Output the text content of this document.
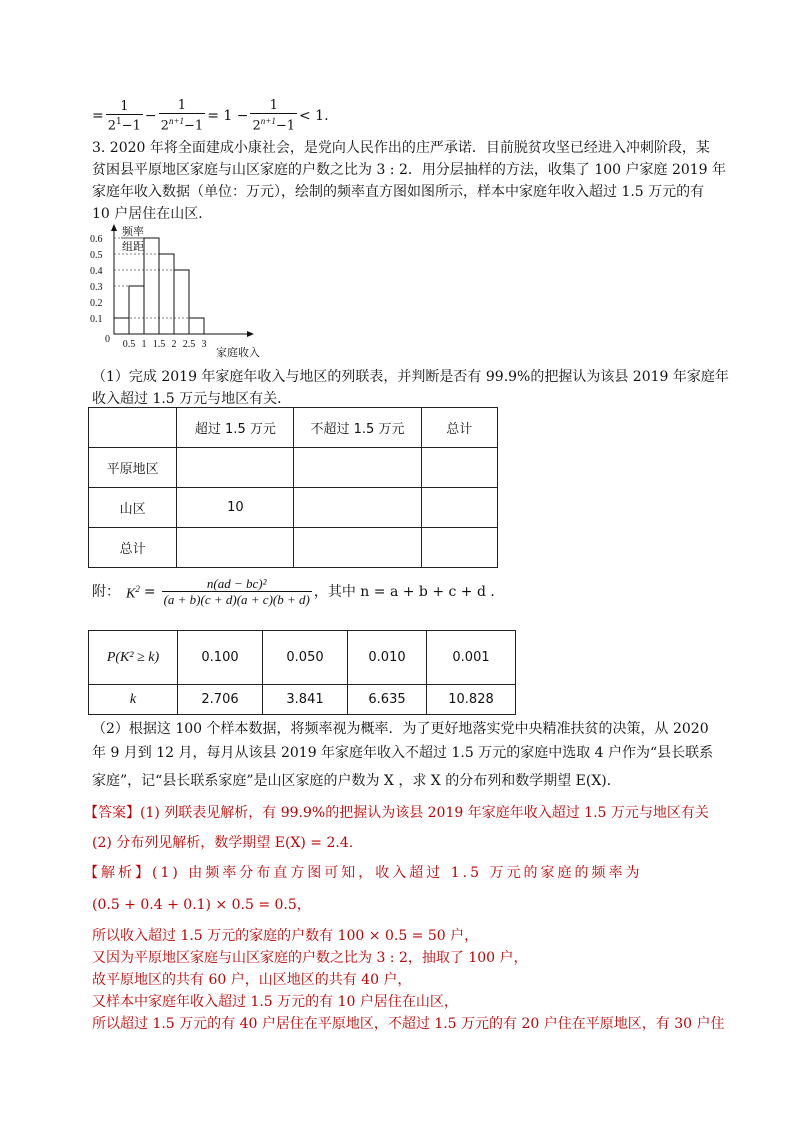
= $\frac{1}{2^1-1} - \frac{1}{2^{n+1}-1} = 1 - \frac{1}{2^{n+1}-1} < 1$.
3. 2020 年将全面建成小康社会，是党向人民作出的庄严承诺．目前脱贫攻坚已经进入冲刺阶段，某
贫困县平原地区家庭与山区家庭的户数之比为 3 : 2．用分层抽样的方法，收集了 100 户家庭 2019 年
家庭年收入数据（单位：万元），绘制的频率直方图如图所示，样本中家庭年收入超过 1.5 万元的有
10 户居住在山区．
频率
组距
家庭收入
0
0.6
0.5
0.4
0.3
0.2
0.1
0.5 1 1.5 2 2.5 3
（1）完成 2019 年家庭年收入与地区的列联表，并判断是否有 99.9%的把握认为该县 2019 年家庭年
收入超过 1.5 万元与地区有关．
	超过 1.5 万元	不超过 1.5 万元	总计
平原地区			
山区	10		
总计			
附： $K^2 = \frac{\text{n(ad − bc)²}}{(a + b)(c + d)(a + c)(b + d)}$ ，其中 n = a + b + c + d ．
P(K² ≥ k)	0.100	0.050	0.010	0.001
k	2.706	3.841	6.635	10.828
（2）根据这 100 个样本数据，将频率视为概率．为了更好地落实党中央精准扶贫的决策，从 2020
年 9 月到 12 月，每月从该县 2019 年家庭年收入不超过 1.5 万元的家庭中选取 4 户作为“县长联系
家庭”，记“县长联系家庭”是山区家庭的户数为 X ，求 X 的分布列和数学期望 E(X)．
【答案】(1) 列联表见解析，有 99.9%的把握认为该县 2019 年家庭年收入超过 1.5 万元与地区有关
(2) 分布列见解析，数学期望 E(X) = 2.4.
【解析】(1) 由频率分布直方图可知，收入超过 1.5 万元的家庭的频率为
(0.5 + 0.4 + 0.1) × 0.5 = 0.5，
所以收入超过 1.5 万元的家庭的户数有 100 × 0.5 = 50 户，
又因为平原地区家庭与山区家庭的户数之比为 3 : 2，抽取了 100 户，
故平原地区的共有 60 户，山区地区的共有 40 户，
又样本中家庭年收入超过 1.5 万元的有 10 户居住在山区，
所以超过 1.5 万元的有 40 户居住在平原地区，不超过 1.5 万元的有 20 户住在平原地区，有 30 户住
